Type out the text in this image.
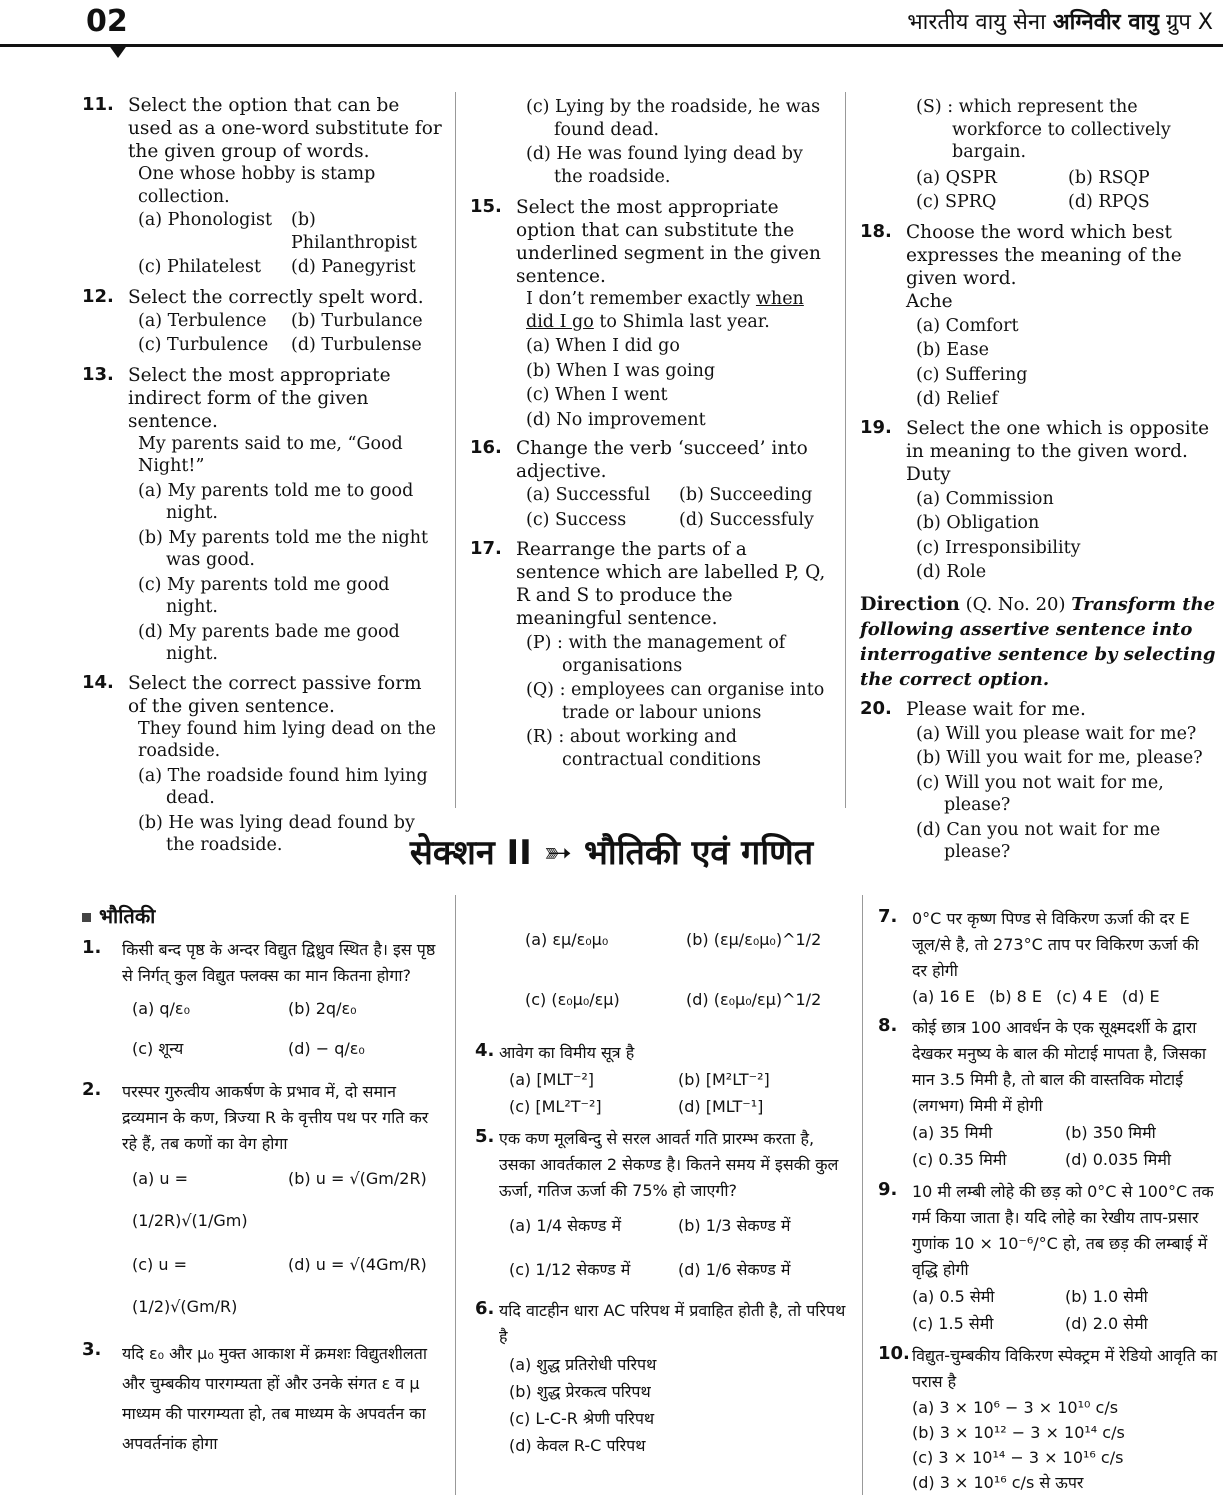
02	भारतीय वायु सेना अग्निवीर वायु ग्रुप X
11. Select the option that can be used as a one-word substitute for the given group of words.
One whose hobby is stamp collection.
(a) Phonologist	(b) Philanthropist
(c) Philatelest	(d) Panegyrist
12. Select the correctly spelt word.
(a) Terbulence	(b) Turbulance
(c) Turbulence	(d) Turbulense
13. Select the most appropriate indirect form of the given sentence.
My parents said to me, “Good Night!”
(a) My parents told me to good night.
(b) My parents told me the night was good.
(c) My parents told me good night.
(d) My parents bade me good night.
14. Select the correct passive form of the given sentence.
They found him lying dead on the roadside.
(a) The roadside found him lying dead.
(b) He was lying dead found by the roadside.
(c) Lying by the roadside, he was found dead.
(d) He was found lying dead by the roadside.
15. Select the most appropriate option that can substitute the underlined segment in the given sentence.
I don’t remember exactly when did I go to Shimla last year.
(a) When I did go
(b) When I was going
(c) When I went
(d) No improvement
16. Change the verb ‘succeed’ into adjective.
(a) Successful	(b) Succeeding
(c) Success	(d) Successfuly
17. Rearrange the parts of a sentence which are labelled P, Q, R and S to produce the meaningful sentence.
(P) : with the management of organisations
(Q) : employees can organise into trade or labour unions
(R) : about working and contractual conditions
(S) : which represent the workforce to collectively bargain.
(a) QSPR	(b) RSQP
(c) SPRQ	(d) RPQS
18. Choose the word which best expresses the meaning of the given word.
Ache
(a) Comfort
(b) Ease
(c) Suffering
(d) Relief
19. Select the one which is opposite in meaning to the given word.
Duty
(a) Commission
(b) Obligation
(c) Irresponsibility
(d) Role
Direction (Q. No. 20) Transform the following assertive sentence into interrogative sentence by selecting the correct option.
20. Please wait for me.
(a) Will you please wait for me?
(b) Will you wait for me, please?
(c) Will you not wait for me, please?
(d) Can you not wait for me please?
सेक्शन II ➳ भौतिकी एवं गणित
भौतिकी
1. किसी बन्द पृष्ठ के अन्दर विद्युत द्विध्रुव स्थित है। इस पृष्ठ से निर्गत् कुल विद्युत फ्लक्स का मान कितना होगा?
(a) q/ε₀	(b) 2q/ε₀
(c) शून्य	(d) − q/ε₀
2. परस्पर गुरुत्वीय आकर्षण के प्रभाव में, दो समान द्रव्यमान के कण, त्रिज्या R के वृत्तीय पथ पर गति कर रहे हैं, तब कणों का वेग होगा
(a) u = (1/2R)√(1/Gm)
(b) u = √(Gm/2R)
(c) u = (1/2)√(Gm/R)
(d) u = √(4Gm/R)
3. यदि ε₀ और μ₀ मुक्त आकाश में क्रमशः विद्युतशीलता और चुम्बकीय पारगम्यता हों और उनके संगत ε व μ माध्यम की पारगम्यता हो, तब माध्यम के अपवर्तन का अपवर्तनांक होगा
(a) εμ/ε₀μ₀	(b) (εμ/ε₀μ₀)^1/2
(c) (ε₀μ₀/εμ)	(d) (ε₀μ₀/εμ)^1/2
4. आवेग का विमीय सूत्र है
(a) [MLT⁻²]	(b) [M²LT⁻²]
(c) [ML²T⁻²]	(d) [MLT⁻¹]
5. एक कण मूलबिन्दु से सरल आवर्त गति प्रारम्भ करता है, उसका आवर्तकाल 2 सेकण्ड है। कितने समय में इसकी कुल ऊर्जा, गतिज ऊर्जा की 75% हो जाएगी?
(a) 1/4 सेकण्ड में	(b) 1/3 सेकण्ड में
(c) 1/12 सेकण्ड में	(d) 1/6 सेकण्ड में
6. यदि वाटहीन धारा AC परिपथ में प्रवाहित होती है, तो परिपथ है
(a) शुद्ध प्रतिरोधी परिपथ
(b) शुद्ध प्रेरकत्व परिपथ
(c) L-C-R श्रेणी परिपथ
(d) केवल R-C परिपथ
7. 0°C पर कृष्ण पिण्ड से विकिरण ऊर्जा की दर E जूल/से है, तो 273°C ताप पर विकिरण ऊर्जा की दर होगी
(a) 16 E (b) 8 E (c) 4 E (d) E
8. कोई छात्र 100 आवर्धन के एक सूक्ष्मदर्शी के द्वारा देखकर मनुष्य के बाल की मोटाई मापता है, जिसका मान 3.5 मिमी है, तो बाल की वास्तविक मोटाई (लगभग) मिमी में होगी
(a) 35 मिमी	(b) 350 मिमी
(c) 0.35 मिमी	(d) 0.035 मिमी
9. 10 मी लम्बी लोहे की छड़ को 0°C से 100°C तक गर्म किया जाता है। यदि लोहे का रेखीय ताप-प्रसार गुणांक 10 × 10⁻⁶/°C हो, तब छड़ की लम्बाई में वृद्धि होगी
(a) 0.5 सेमी	(b) 1.0 सेमी
(c) 1.5 सेमी	(d) 2.0 सेमी
10. विद्युत-चुम्बकीय विकिरण स्पेक्ट्रम में रेडियो आवृति का परास है
(a) 3 × 10⁶ − 3 × 10¹⁰ c/s
(b) 3 × 10¹² − 3 × 10¹⁴ c/s
(c) 3 × 10¹⁴ − 3 × 10¹⁶ c/s
(d) 3 × 10¹⁶ c/s से ऊपर
